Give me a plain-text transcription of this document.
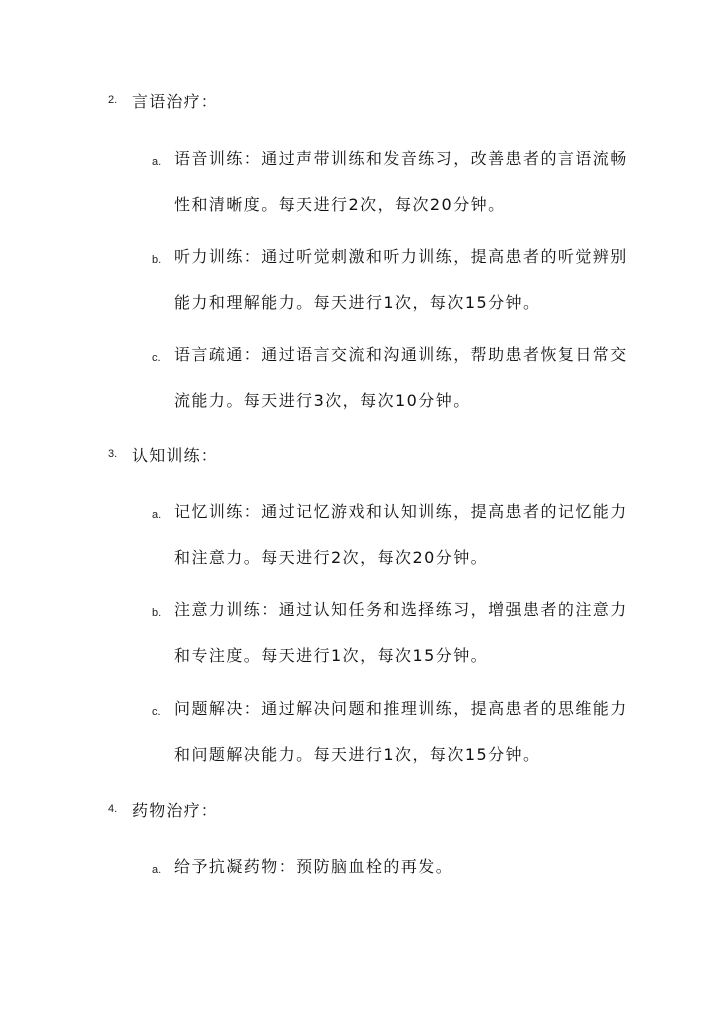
2. 言语治疗：
a. 语音训练：通过声带训练和发音练习，改善患者的言语流畅性和清晰度。每天进行2次，每次20分钟。
b. 听力训练：通过听觉刺激和听力训练，提高患者的听觉辨别能力和理解能力。每天进行1次，每次15分钟。
c. 语言疏通：通过语言交流和沟通训练，帮助患者恢复日常交流能力。每天进行3次，每次10分钟。
3. 认知训练：
a. 记忆训练：通过记忆游戏和认知训练，提高患者的记忆能力和注意力。每天进行2次，每次20分钟。
b. 注意力训练：通过认知任务和选择练习，增强患者的注意力和专注度。每天进行1次，每次15分钟。
c. 问题解决：通过解决问题和推理训练，提高患者的思维能力和问题解决能力。每天进行1次，每次15分钟。
4. 药物治疗：
a. 给予抗凝药物：预防脑血栓的再发。
